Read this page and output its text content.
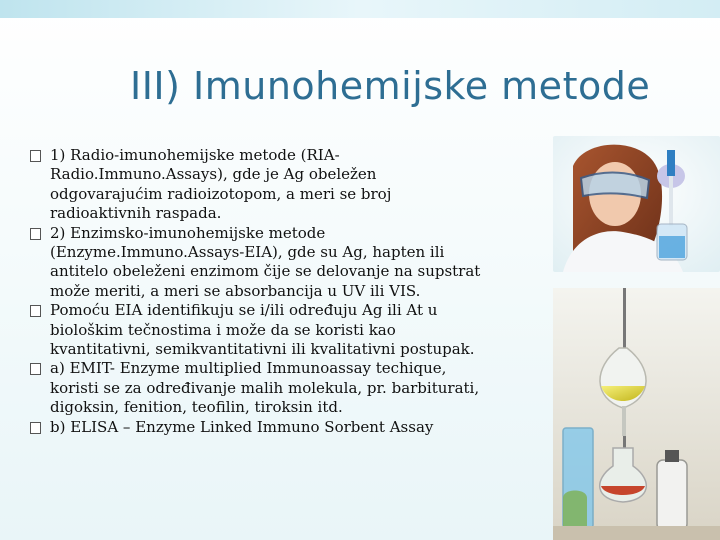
III) Imunohemijske metode
1) Radio-imunohemijske metode (RIA-
Radio.Immuno.Assays), gde je Ag obeležen
odgovarajućim radioizotopom, a meri se broj
radioaktivnih raspada.
2) Enzimsko-imunohemijske metode
(Enzyme.Immuno.Assays-EIA), gde su Ag, hapten ili
antitelo obeleženi enzimom čije se delovanje na supstrat
može meriti, a meri se absorbancija u UV ili VIS.
Pomoću EIA identifikuju se i/ili određuju Ag ili At u
biološkim tečnostima i može da se koristi kao
kvantitativni, semikvantitativni ili kvalitativni postupak.
a) EMIT- Enzyme multiplied Immunoassay techique,
koristi se za određivanje malih molekula, pr. barbiturati,
digoksin, fenition, teofilin, tiroksin itd.
b) ELISA – Enzyme Linked Immuno Sorbent Assay
